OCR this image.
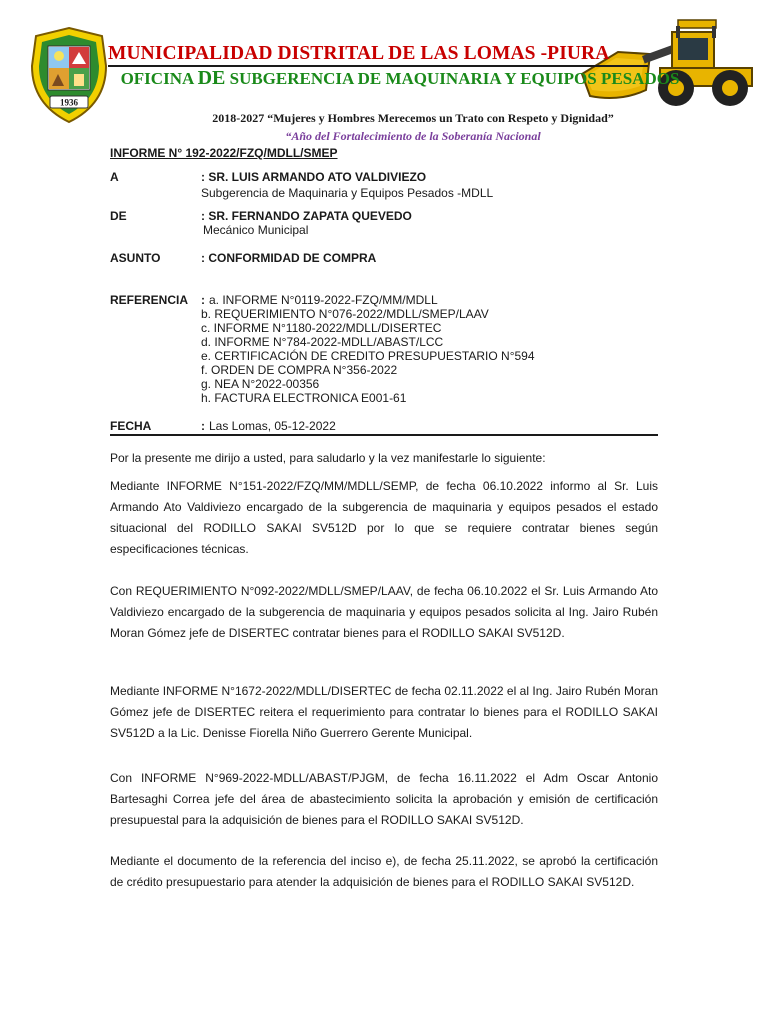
1936
MUNICIPALIDAD DISTRITAL DE LAS LOMAS -PIURA
OFICINA DE SUBGERENCIA DE MAQUINARIA Y EQUIPOS PESADOS
2018-2027 “Mujeres y Hombres Merecemos un Trato con Respeto y Dignidad”
“Año del Fortalecimiento de la Soberanía Nacional
INFORME N° 192-2022/FZQ/MDLL/SMEP
A	: SR. LUIS ARMANDO ATO VALDIVIEZO
Subgerencia de Maquinaria y Equipos Pesados -MDLL
DE	: SR. FERNANDO ZAPATA QUEVEDO
Mecánico Municipal
ASUNTO	: CONFORMIDAD DE COMPRA
REFERENCIA : a. INFORME N°0119-2022-FZQ/MM/MDLL
b. REQUERIMIENTO N°076-2022/MDLL/SMEP/LAAV
c. INFORME N°1180-2022/MDLL/DISERTEC
d. INFORME N°784-2022-MDLL/ABAST/LCC
e. CERTIFICACIÓN DE CREDITO PRESUPUESTARIO N°594
f. ORDEN DE COMPRA N°356-2022
g. NEA N°2022-00356
h. FACTURA ELECTRONICA E001-61
FECHA	: Las Lomas, 05-12-2022
Por la presente me dirijo a usted, para saludarlo y la vez manifestarle lo siguiente:
Mediante INFORME N°151-2022/FZQ/MM/MDLL/SEMP, de fecha 06.10.2022 informo al Sr. Luis Armando Ato Valdiviezo encargado de la subgerencia de maquinaria y equipos pesados el estado situacional del RODILLO SAKAI SV512D por lo que se requiere contratar bienes según especificaciones técnicas.
Con REQUERIMIENTO N°092-2022/MDLL/SMEP/LAAV, de fecha 06.10.2022 el Sr. Luis Armando Ato Valdiviezo encargado de la subgerencia de maquinaria y equipos pesados solicita al Ing. Jairo Rubén Moran Gómez jefe de DISERTEC contratar bienes para el RODILLO SAKAI SV512D.
Mediante INFORME N°1672-2022/MDLL/DISERTEC de fecha 02.11.2022 el al Ing. Jairo Rubén Moran Gómez jefe de DISERTEC reitera el requerimiento para contratar lo bienes para el RODILLO SAKAI SV512D a la Lic. Denisse Fiorella Niño Guerrero Gerente Municipal.
Con INFORME N°969-2022-MDLL/ABAST/PJGM, de fecha 16.11.2022 el Adm Oscar Antonio Bartesaghi Correa jefe del área de abastecimiento solicita la aprobación y emisión de certificación presupuestal para la adquisición de bienes para el RODILLO SAKAI SV512D.
Mediante el documento de la referencia del inciso e), de fecha 25.11.2022, se aprobó la certificación de crédito presupuestario para atender la adquisición de bienes para el RODILLO SAKAI SV512D.
